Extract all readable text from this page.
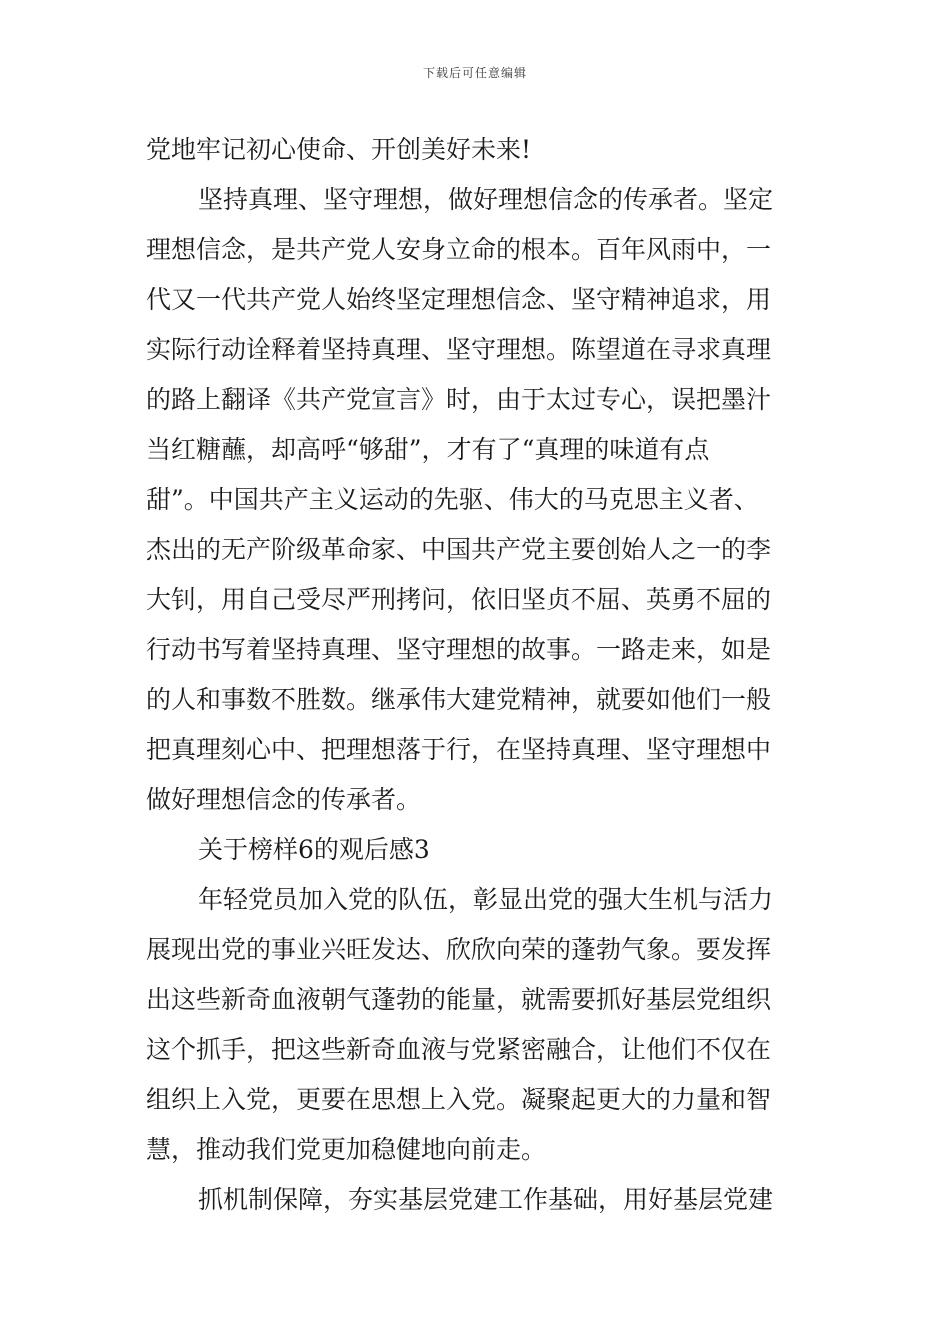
下载后可任意编辑
党地牢记初心使命、开创美好未来!
坚持真理、坚守理想，做好理想信念的传承者。坚定
理想信念，是共产党人安身立命的根本。百年风雨中，一
代又一代共产党人始终坚定理想信念、坚守精神追求，用
实际行动诠释着坚持真理、坚守理想。陈望道在寻求真理
的路上翻译《共产党宣言》时，由于太过专心，误把墨汁
当红糖蘸，却高呼“够甜”，才有了“真理的味道有点
甜”。中国共产主义运动的先驱、伟大的马克思主义者、
杰出的无产阶级革命家、中国共产党主要创始人之一的李
大钊，用自己受尽严刑拷问，依旧坚贞不屈、英勇不屈的
行动书写着坚持真理、坚守理想的故事。一路走来，如是
的人和事数不胜数。继承伟大建党精神，就要如他们一般
把真理刻心中、把理想落于行，在坚持真理、坚守理想中
做好理想信念的传承者。
关于榜样6的观后感3
年轻党员加入党的队伍，彰显出党的强大生机与活力
展现出党的事业兴旺发达、欣欣向荣的蓬勃气象。要发挥
出这些新奇血液朝气蓬勃的能量，就需要抓好基层党组织
这个抓手，把这些新奇血液与党紧密融合，让他们不仅在
组织上入党，更要在思想上入党。凝聚起更大的力量和智
慧，推动我们党更加稳健地向前走。
抓机制保障，夯实基层党建工作基础，用好基层党建
